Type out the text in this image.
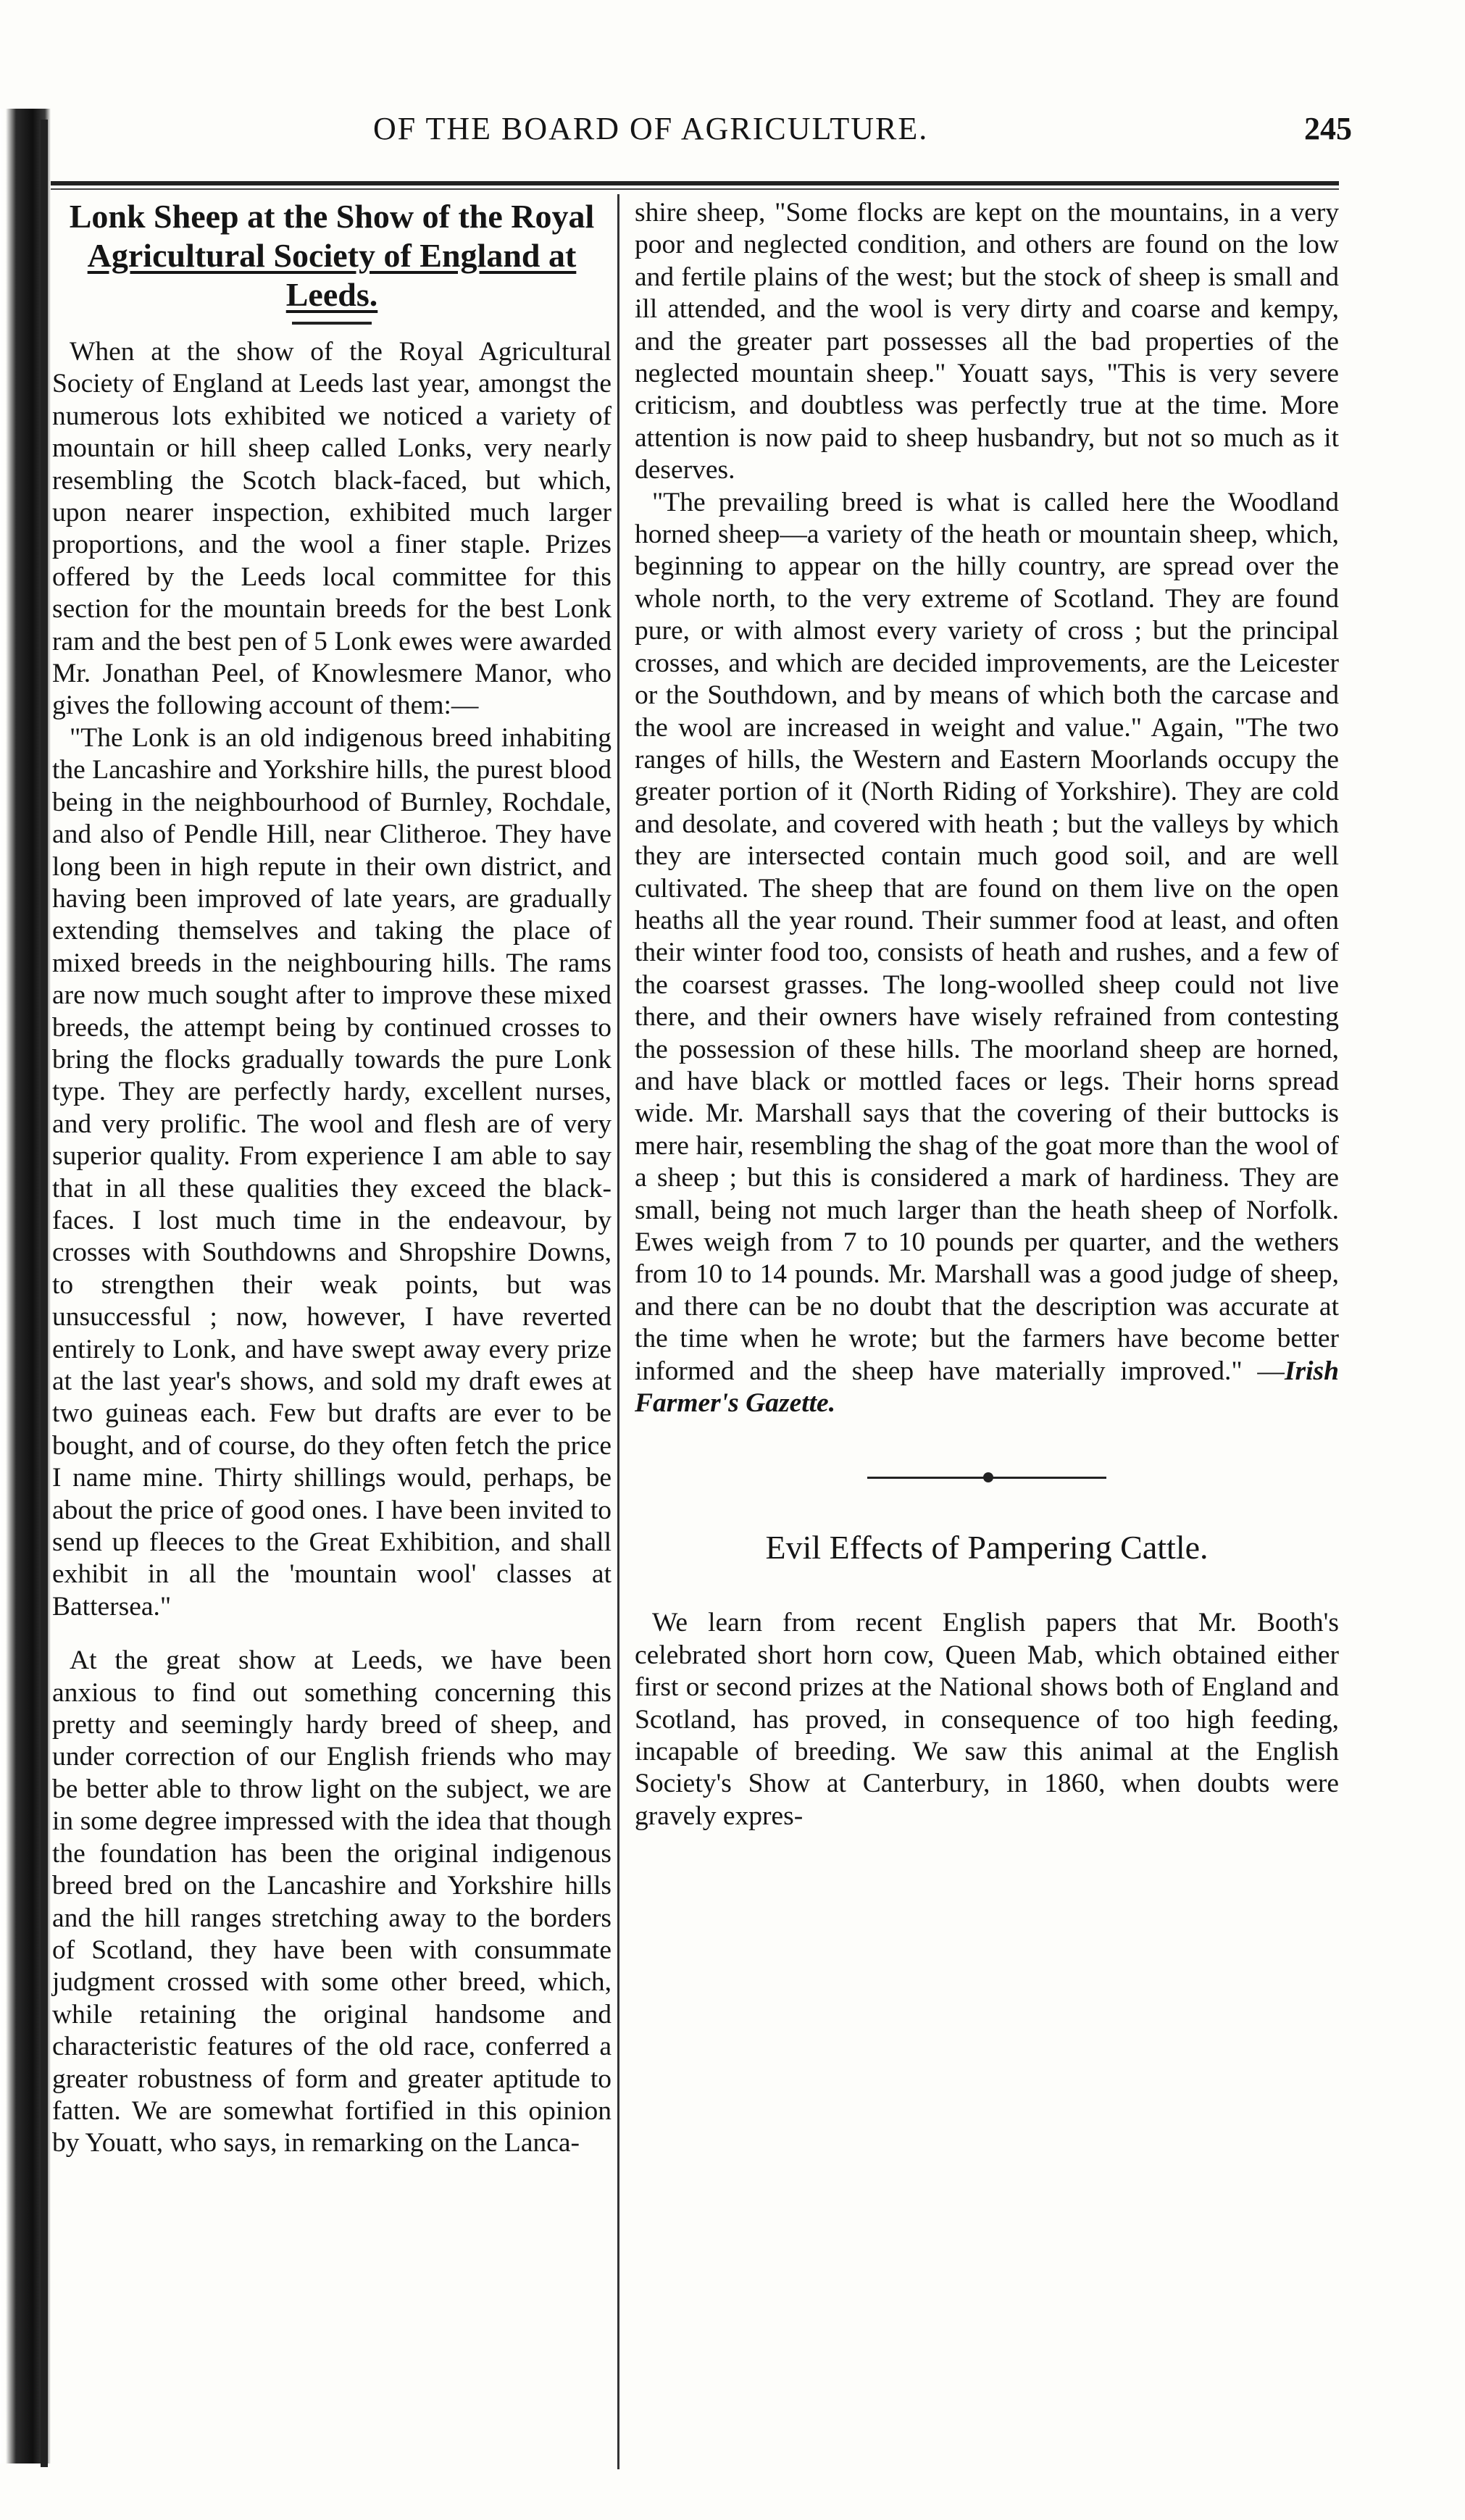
OF THE BOARD OF AGRICULTURE.	245

Lonk Sheep at the Show of the Royal

Agricultural Society of England at Leeds.

When at the show of the Royal Agricultural Society of England at Leeds last year, amongst the numerous lots exhibited we noticed a variety of mountain or hill sheep called Lonks, very nearly resembling the Scotch black-faced, but which, upon nearer inspection, exhibited much larger proportions, and the wool a finer staple. Prizes offered by the Leeds local committee for this section for the mountain breeds for the best Lonk ram and the best pen of 5 Lonk ewes were awarded Mr. Jonathan Peel, of Knowlesmere Manor, who gives the following account of them:—

"The Lonk is an old indigenous breed inhabiting the Lancashire and Yorkshire hills, the purest blood being in the neighbourhood of Burnley, Rochdale, and also of Pendle Hill, near Clitheroe. They have long been in high repute in their own district, and having been improved of late years, are gradually extending themselves and taking the place of mixed breeds in the neighbouring hills. The rams are now much sought after to improve these mixed breeds, the attempt being by continued crosses to bring the flocks gradually towards the pure Lonk type. They are perfectly hardy, excellent nurses, and very prolific. The wool and flesh are of very superior quality. From experience I am able to say that in all these qualities they exceed the black-faces. I lost much time in the endeavour, by crosses with Southdowns and Shropshire Downs, to strengthen their weak points, but was unsuccessful ; now, however, I have reverted entirely to Lonk, and have swept away every prize at the last year's shows, and sold my draft ewes at two guineas each. Few but drafts are ever to be bought, and of course, do they often fetch the price I name mine. Thirty shillings would, perhaps, be about the price of good ones. I have been invited to send up fleeces to the Great Exhibition, and shall exhibit in all the 'mountain wool' classes at Battersea."

At the great show at Leeds, we have been anxious to find out something concerning this pretty and seemingly hardy breed of sheep, and under correction of our English friends who may be better able to throw light on the subject, we are in some degree impressed with the idea that though the foundation has been the original indigenous breed bred on the Lancashire and Yorkshire hills and the hill ranges stretching away to the borders of Scotland, they have been with consummate judgment crossed with some other breed, which, while retaining the original handsome and characteristic features of the old race, conferred a greater robustness of form and greater aptitude to fatten. We are somewhat fortified in this opinion by Youatt, who says, in remarking on the Lanca-

shire sheep, "Some flocks are kept on the mountains, in a very poor and neglected condition, and others are found on the low and fertile plains of the west; but the stock of sheep is small and ill attended, and the wool is very dirty and coarse and kempy, and the greater part possesses all the bad properties of the neglected mountain sheep." Youatt says, "This is very severe criticism, and doubtless was perfectly true at the time. More attention is now paid to sheep husbandry, but not so much as it deserves.

"The prevailing breed is what is called here the Woodland horned sheep—a variety of the heath or mountain sheep, which, beginning to appear on the hilly country, are spread over the whole north, to the very extreme of Scotland. They are found pure, or with almost every variety of cross ; but the principal crosses, and which are decided improvements, are the Leicester or the Southdown, and by means of which both the carcase and the wool are increased in weight and value." Again, "The two ranges of hills, the Western and Eastern Moorlands occupy the greater portion of it (North Riding of Yorkshire). They are cold and desolate, and covered with heath ; but the valleys by which they are intersected contain much good soil, and are well cultivated. The sheep that are found on them live on the open heaths all the year round. Their summer food at least, and often their winter food too, consists of heath and rushes, and a few of the coarsest grasses. The long-woolled sheep could not live there, and their owners have wisely refrained from contesting the possession of these hills. The moorland sheep are horned, and have black or mottled faces or legs. Their horns spread wide. Mr. Marshall says that the covering of their buttocks is mere hair, resembling the shag of the goat more than the wool of a sheep ; but this is considered a mark of hardiness. They are small, being not much larger than the heath sheep of Norfolk. Ewes weigh from 7 to 10 pounds per quarter, and the wethers from 10 to 14 pounds. Mr. Marshall was a good judge of sheep, and there can be no doubt that the description was accurate at the time when he wrote; but the farmers have become better informed and the sheep have materially improved." —Irish Farmer's Gazette.

Evil Effects of Pampering Cattle.

We learn from recent English papers that Mr. Booth's celebrated short horn cow, Queen Mab, which obtained either first or second prizes at the National shows both of England and Scotland, has proved, in consequence of too high feeding, incapable of breeding. We saw this animal at the English Society's Show at Canterbury, in 1860, when doubts were gravely expres-
